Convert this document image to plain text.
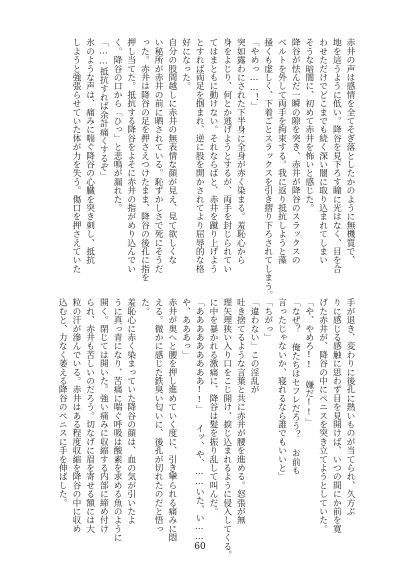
赤井の声は感情を全てそぎ落としたかのように無機質で、
地を這うように低い。降谷を見下ろす瞳に光はなく、目を合
わせただけでどこまでも続く深い闇に取り込まれてしまい
そうな暗闇に、初めて赤井を怖いと感じた。
降谷が怯んだ一瞬の隙を突き、赤井が降谷のスラックスの
ベルトを外して両手を拘束する。我に返り抵抗しようと藻
掻くも虚しく、下着ごとスラックスを引き摺り下ろされてしまう。
「やめっ……！」
突如露わにされた下半身に全身が赤く染まる。羞恥心から
身をよじり、何とか逃げようとするが、両手を封じられてい
てはまともに動けない。それならばと、赤井を蹴り上げよう
とすれば両足を掴まれ、逆に股を開かされてより屈辱的な格
好になった。
自分の股間越しに赤井の無表情な顔が見え、見て欲しくな
い秘所が赤井の前に晒されている。恥ずかしさで死にそうだ
った。赤井は降谷の足を押さえつけたまま、降谷の後孔に指を
押し当てた。抵抗する降谷をよそに赤井の指がめり込んでい
く。降谷の口から「ひっ」と悲鳴が漏れた。
「……抵抗すれば余計痛くするぞ」
氷のような声は、痛みに喘ぐ降谷の心臓を突き刺し、抵抗
しようと強張らせていた体が力を失う。傷口を押さえていた
手が退き、変わりに後孔に熱いものが当てられ、久方ぶ
りに感じる感触に思わず目を見開けば、いつの間にか前を寛
げた赤井が、降谷の中にペニスを突き立てようとしていた。
「や、やめろ!! 嫌だ!!」
「なぜ？ 俺たちはセフレだろう？ お前も
言ったじゃないか、寝れるなら誰でもいいと」
「ちがっ」
「違わない」この淫乱が
吐き捨てるような言葉と共に赤井が腰を進める。怒張が無
理矢理狭い入り口をこじ開け、捩じ込まれるように侵入してくる。
に中を暴かれる激痛に、降谷は髪を振り乱して叫んだ。
「あああああああああ!!」 イッ、や、……いた、い……
や、あああっ」
赤井が奥へと腰を押し進めていく度に、引き攣られる痛みに悶
える。微かに感じた鉄臭い匂いに、後孔が切れたのだと悟っ
た。
羞恥心に赤く染まっていた降谷の顔は、血の気が引いたよ
うに真っ青になり、苦痛に喘ぐ呼吸は酸素を求める魚のように
開く。閉じては開いた。強い痛みに収縮する内部に締め付け
られ、赤井も苦しいのだろう。切なげに眉を寄せる額には大
粒の汗が滲んでいる。赤井はある程度収縮を降谷の中に収め
込むと、力なく萎える降谷のペニスに手を伸ばした。
60
